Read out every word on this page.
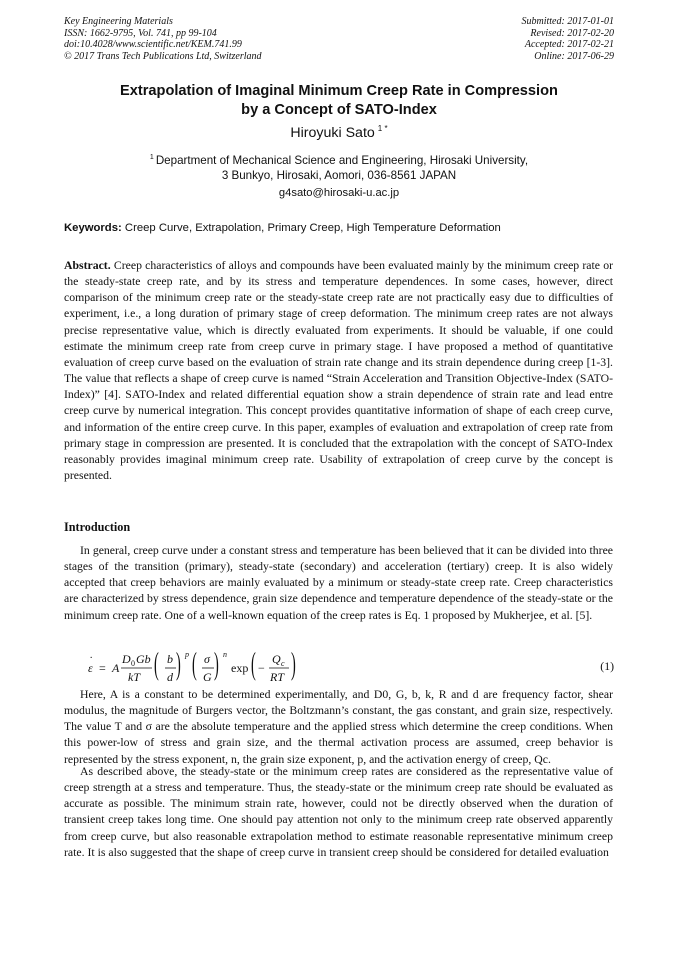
Key Engineering Materials
ISSN: 1662-9795, Vol. 741, pp 99-104
doi:10.4028/www.scientific.net/KEM.741.99
© 2017 Trans Tech Publications Ltd, Switzerland
Submitted: 2017-01-01
Revised: 2017-02-20
Accepted: 2017-02-21
Online: 2017-06-29
Extrapolation of Imaginal Minimum Creep Rate in Compression
by a Concept of SATO-Index
Hiroyuki Sato $^{1 *}$
$^1$ Department of Mechanical Science and Engineering, Hirosaki University,
3 Bunkyo, Hirosaki, Aomori, 036-8561 JAPAN
g4sato@hirosaki-u.ac.jp
Keywords: Creep Curve, Extrapolation, Primary Creep, High Temperature Deformation

Abstract. Creep characteristics of alloys and compounds have been evaluated mainly by the minimum creep rate or the steady-state creep rate, and by its stress and temperature dependences. In some cases, however, direct comparison of the minimum creep rate or the steady-state creep rate are not practically easy due to difficulties of experiment, i.e., a long duration of primary stage of creep deformation. The minimum creep rates are not always precise representative value, which is directly evaluated from experiments. It should be valuable, if one could estimate the minimum creep rate from creep curve in primary stage. I have proposed a method of quantitative evaluation of creep curve based on the evaluation of strain rate change and its strain dependence during creep [1-3]. The value that reflects a shape of creep curve is named “Strain Acceleration and Transition Objective-Index (SATO-Index)” [4]. SATO-Index and related differential equation show a strain dependence of strain rate and lead entre creep curve by numerical integration. This concept provides quantitative information of shape of each creep curve, and information of the entire creep curve. In this paper, examples of evaluation and extrapolation of creep rate from primary stage in compression are presented. It is concluded that the extrapolation with the concept of SATO-Index reasonably provides imaginal minimum creep rate. Usability of extrapolation of creep curve by the concept is presented.

Introduction

In general, creep curve under a constant stress and temperature has been believed that it can be divided into three stages of the transition (primary), steady-state (secondary) and acceleration (tertiary) creep. It is also widely accepted that creep behaviors are mainly evaluated by a minimum or steady-state creep rate. Creep characteristics are characterized by stress dependence, grain size dependence and temperature dependence of the steady-state or the minimum creep rate. One of a well-known equation of the creep rates is Eq. 1 proposed by Mukherjee, et al. [5].

ε
·
= A
D 0 Gb
kT ( b
d ) p ( σ
G ) n
exp ( −
Q c
RT )	(1)

Here, A is a constant to be determined experimentally, and D0, G, b, k, R and d are frequency factor, shear modulus, the magnitude of Burgers vector, the Boltzmann’s constant, the gas constant, and grain size, respectively. The value T and σ are the absolute temperature and the applied stress which determine the creep conditions. When this power-low of stress and grain size, and the thermal activation process are assumed, creep behavior is represented by the stress exponent, n, the grain size exponent, p, and the activation energy of creep, Qc.

As described above, the steady-state or the minimum creep rates are considered as the representative value of creep strength at a stress and temperature. Thus, the steady-state or the minimum creep rate should be evaluated as accurate as possible. The minimum strain rate, however, could not be directly observed when the duration of transient creep takes long time. One should pay attention not only to the minimum creep rate observed apparently from creep curve, but also reasonable extrapolation method to estimate reasonable representative minimum creep rate. It is also suggested that the shape of creep curve in transient creep should be considered for detailed evaluation
